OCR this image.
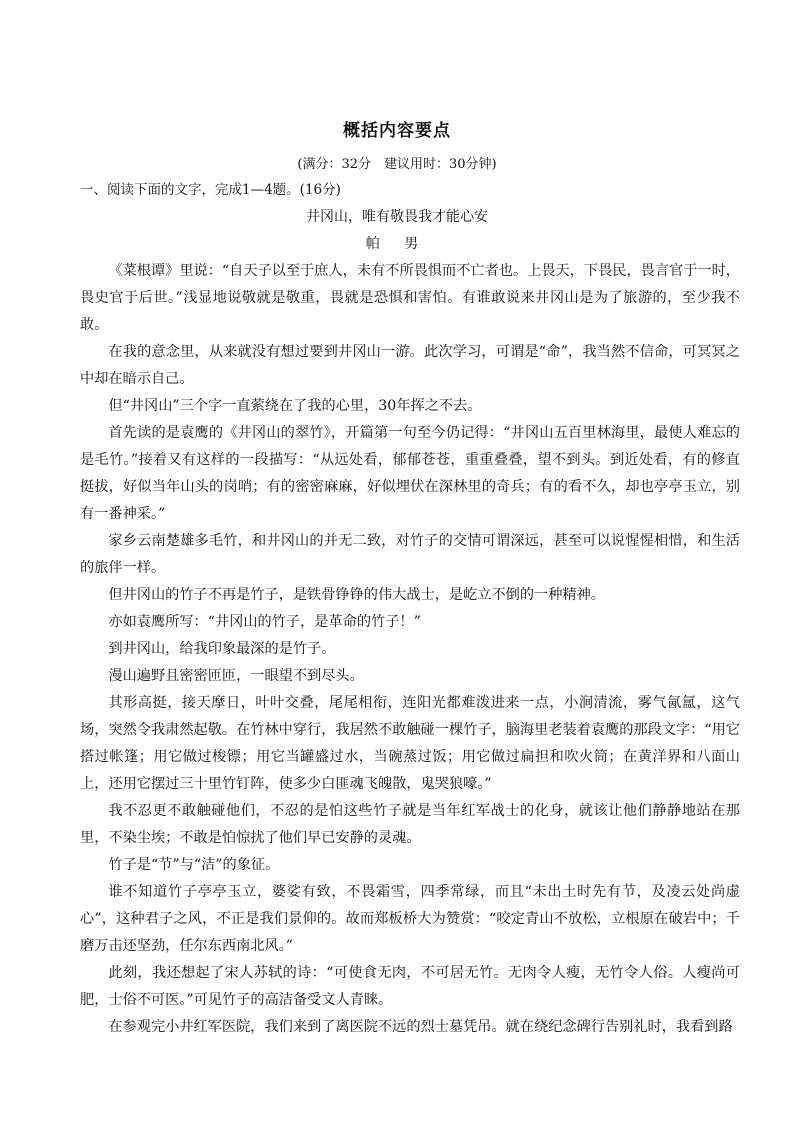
概括内容要点
(满分：32分　建议用时：30分钟)
一、阅读下面的文字，完成1—4题。(16分)
井冈山，唯有敬畏我才能心安
帕 男

《菜根谭》里说：“自天子以至于庶人，未有不所畏惧而不亡者也。上畏天，下畏民，畏言官于一时，畏史官于后世。”浅显地说敬就是敬重，畏就是恐惧和害怕。有谁敢说来井冈山是为了旅游的，至少我不敢。

在我的意念里，从来就没有想过要到井冈山一游。此次学习，可谓是“命”，我当然不信命，可冥冥之中却在暗示自己。

但“井冈山”三个字一直萦绕在了我的心里，30年挥之不去。

首先读的是袁鹰的《井冈山的翠竹》，开篇第一句至今仍记得：“井冈山五百里林海里，最使人难忘的是毛竹。”接着又有这样的一段描写：“从远处看，郁郁苍苍，重重叠叠，望不到头。到近处看，有的修直挺拔，好似当年山头的岗哨；有的密密麻麻，好似埋伏在深林里的奇兵；有的看不久，却也亭亭玉立，别有一番神采。”

家乡云南楚雄多毛竹，和井冈山的并无二致，对竹子的交情可谓深远，甚至可以说惺惺相惜，和生活的旅伴一样。

但井冈山的竹子不再是竹子，是铁骨铮铮的伟大战士，是屹立不倒的一种精神。

亦如袁鹰所写：“井冈山的竹子，是革命的竹子！”

到井冈山，给我印象最深的是竹子。

漫山遍野且密密匝匝，一眼望不到尽头。

其形高挺，接天摩日，叶叶交叠，尾尾相衔，连阳光都难泼进来一点，小涧清流，雾气氤氲，这气场，突然令我肃然起敬。在竹林中穿行，我居然不敢触碰一棵竹子，脑海里老装着袁鹰的那段文字：“用它搭过帐篷；用它做过梭镖；用它当罐盛过水，当碗蒸过饭；用它做过扁担和吹火筒；在黄洋界和八面山上，还用它摆过三十里竹钉阵，使多少白匪魂飞魄散，鬼哭狼嚎。”

我不忍更不敢触碰他们，不忍的是怕这些竹子就是当年红军战士的化身，就该让他们静静地站在那里，不染尘埃；不敢是怕惊扰了他们早已安静的灵魂。

竹子是“节”与“洁”的象征。

谁不知道竹子亭亭玉立，婆娑有致，不畏霜雪，四季常绿，而且“未出土时先有节，及凌云处尚虚心”，这种君子之风，不正是我们景仰的。故而郑板桥大为赞赏：“咬定青山不放松，立根原在破岩中；千磨万击还坚劲，任尔东西南北风。”

此刻，我还想起了宋人苏轼的诗：“可使食无肉，不可居无竹。无肉令人瘦，无竹令人俗。人瘦尚可肥，士俗不可医。”可见竹子的高洁备受文人青睐。

在参观完小井红军医院，我们来到了离医院不远的烈士墓凭吊。就在绕纪念碑行告别礼时，我看到路
